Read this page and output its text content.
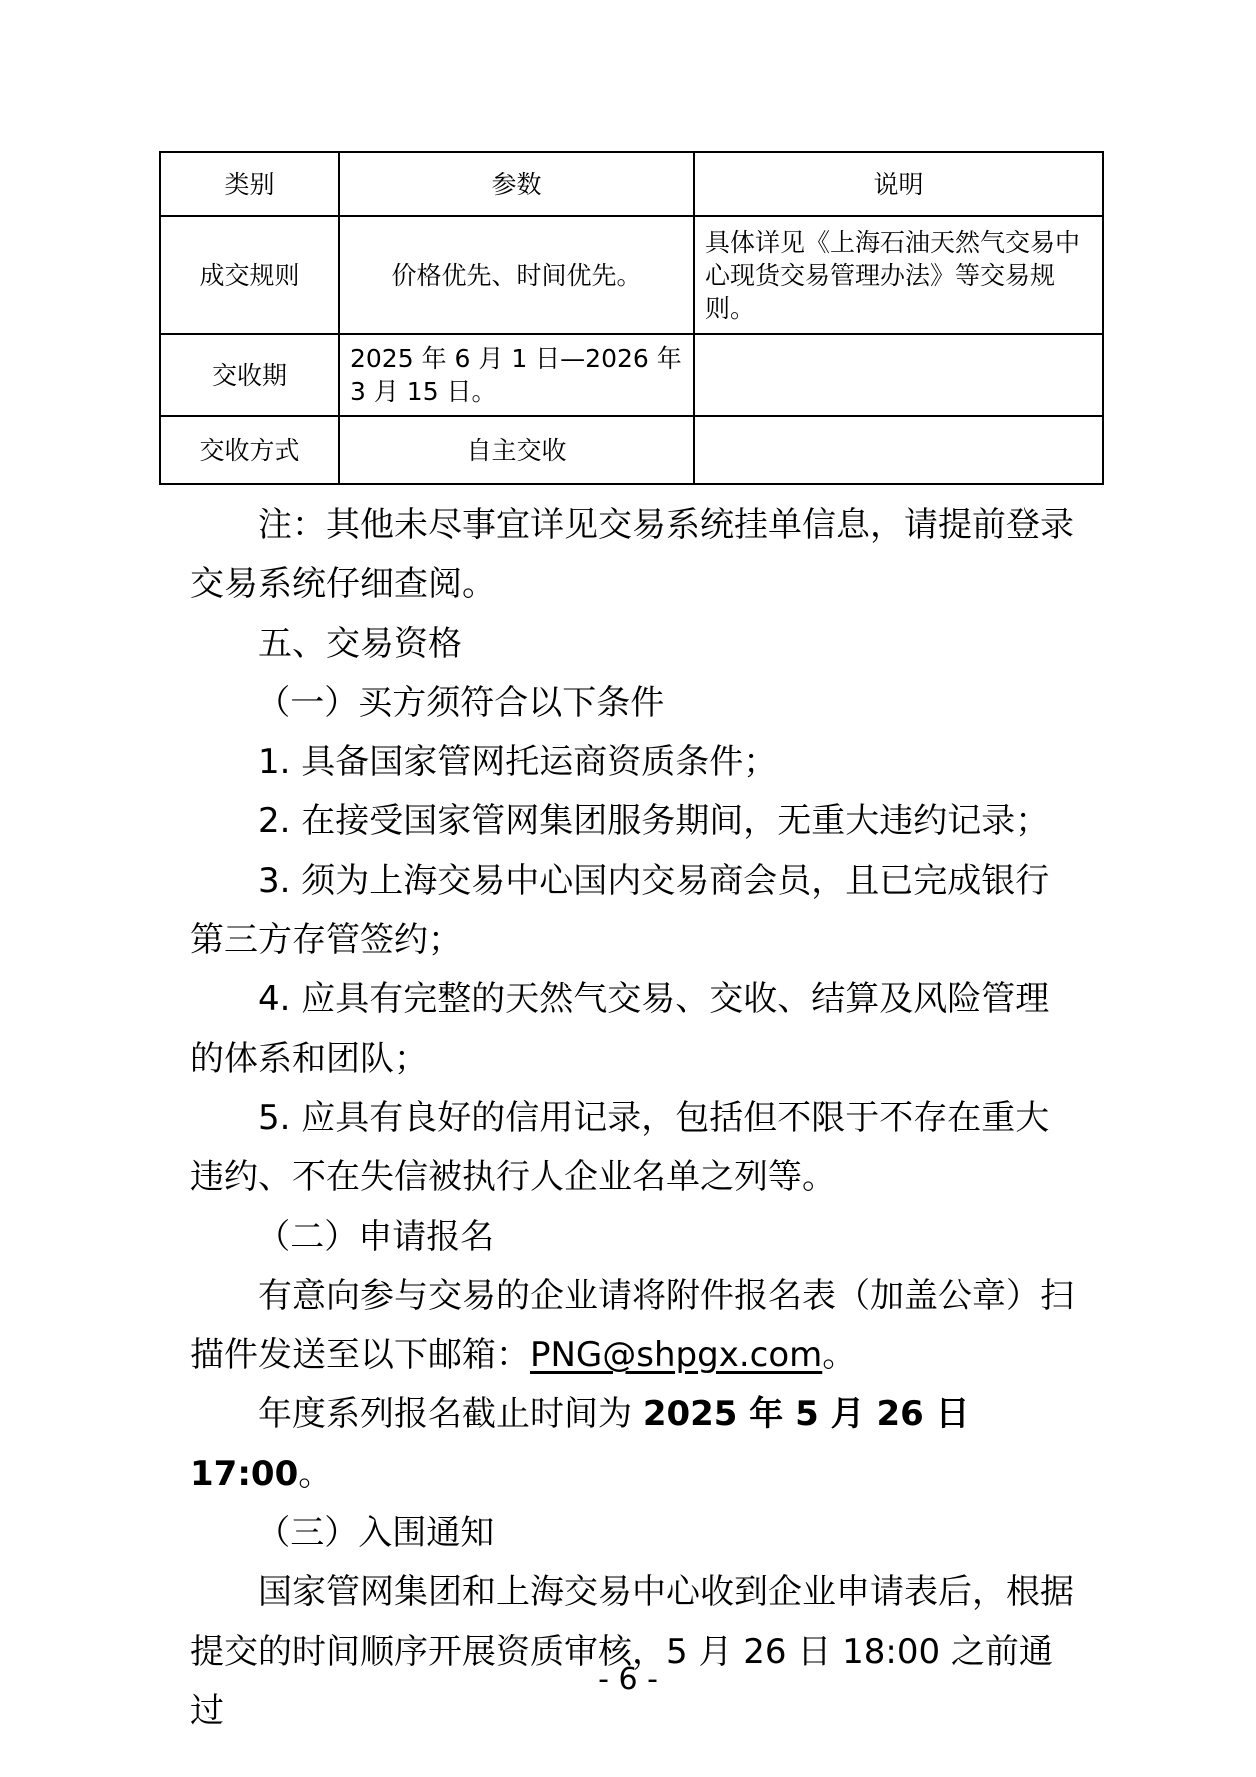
类别	参数	说明
成交规则	价格优先、时间优先。	具体详见《上海石油天然气交易中心现货交易管理办法》等交易规则。
交收期	2025 年 6 月 1 日—2026 年 3 月 15 日。	
交收方式	自主交收	

注：其他未尽事宜详见交易系统挂单信息，请提前登录交易系统仔细查阅。

五、交易资格

（一）买方须符合以下条件

1. 具备国家管网托运商资质条件；

2. 在接受国家管网集团服务期间，无重大违约记录；

3. 须为上海交易中心国内交易商会员，且已完成银行第三方存管签约；

4. 应具有完整的天然气交易、交收、结算及风险管理的体系和团队；

5. 应具有良好的信用记录，包括但不限于不存在重大违约、不在失信被执行人企业名单之列等。

（二）申请报名

有意向参与交易的企业请将附件报名表（加盖公章）扫描件发送至以下邮箱：PNG@shpgx.com。

年度系列报名截止时间为 2025 年 5 月 26 日 17:00。

（三）入围通知

国家管网集团和上海交易中心收到企业申请表后，根据提交的时间顺序开展资质审核，5 月 26 日 18:00 之前通过

- 6 -
